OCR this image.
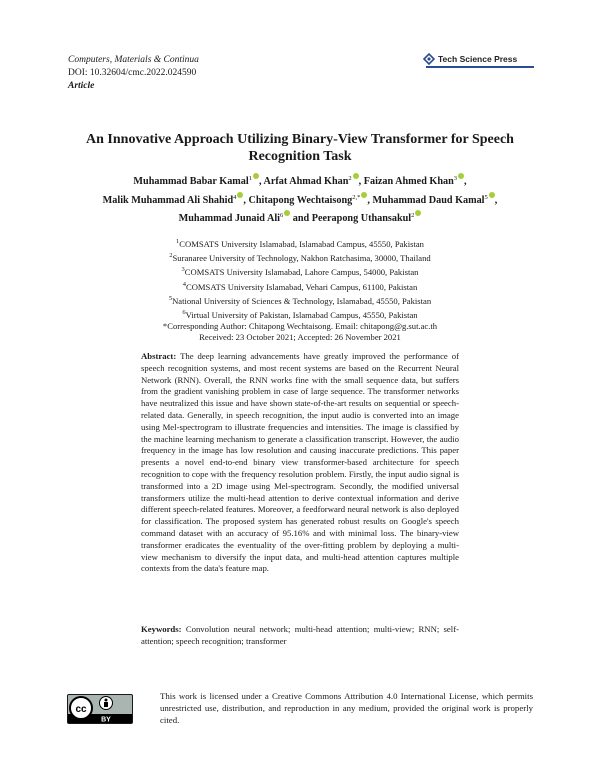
Computers, Materials & Continua
DOI: 10.32604/cmc.2022.024590
Article
Tech Science Press
An Innovative Approach Utilizing Binary-View Transformer for Speech Recognition Task
Muhammad Babar Kamal$^1$ , Arfat Ahmad Khan$^2$ , Faizan Ahmed Khan$^3$ ,
Malik Muhammad Ali Shahid$^4$ , Chitapong Wechtaisong$^{2,*}$ , Muhammad Daud Kamal$^5$ ,
Muhammad Junaid Ali$^6$ and Peerapong Uthansakul$^2$
$^1$COMSATS University Islamabad, Islamabad Campus, 45550, Pakistan
$^2$Suranaree University of Technology, Nakhon Ratchasima, 30000, Thailand
$^3$COMSATS University Islamabad, Lahore Campus, 54000, Pakistan
$^4$COMSATS University Islamabad, Vehari Campus, 61100, Pakistan
$^5$National University of Sciences & Technology, Islamabad, 45550, Pakistan
$^6$Virtual University of Pakistan, Islamabad Campus, 45550, Pakistan
*Corresponding Author: Chitapong Wechtaisong. Email: chitapong@g.sut.ac.th
Received: 23 October 2021; Accepted: 26 November 2021
Abstract: The deep learning advancements have greatly improved the performance of speech recognition systems, and most recent systems are based on the Recurrent Neural Network (RNN). Overall, the RNN works fine with the small sequence data, but suffers from the gradient vanishing problem in case of large sequence. The transformer networks have neutralized this issue and have shown state-of-the-art results on sequential or speech-related data. Generally, in speech recognition, the input audio is converted into an image using Mel-spectrogram to illustrate frequencies and intensities. The image is classified by the machine learning mechanism to generate a classification transcript. However, the audio frequency in the image has low resolution and causing inaccurate predictions. This paper presents a novel end-to-end binary view transformer-based architecture for speech recognition to cope with the frequency resolution problem. Firstly, the input audio signal is transformed into a 2D image using Mel-spectrogram. Secondly, the modified universal transformers utilize the multi-head attention to derive contextual information and derive different speech-related features. Moreover, a feedforward neural network is also deployed for classification. The proposed system has generated robust results on Google's speech command dataset with an accuracy of 95.16% and with minimal loss. The binary-view transformer eradicates the eventuality of the over-fitting problem by deploying a multi-view mechanism to diversify the input data, and multi-head attention captures multiple contexts from the data's feature map.
Keywords: Convolution neural network; multi-head attention; multi-view; RNN; self-attention; speech recognition; transformer
cc
BY
This work is licensed under a Creative Commons Attribution 4.0 International License, which permits unrestricted use, distribution, and reproduction in any medium, provided the original work is properly cited.
